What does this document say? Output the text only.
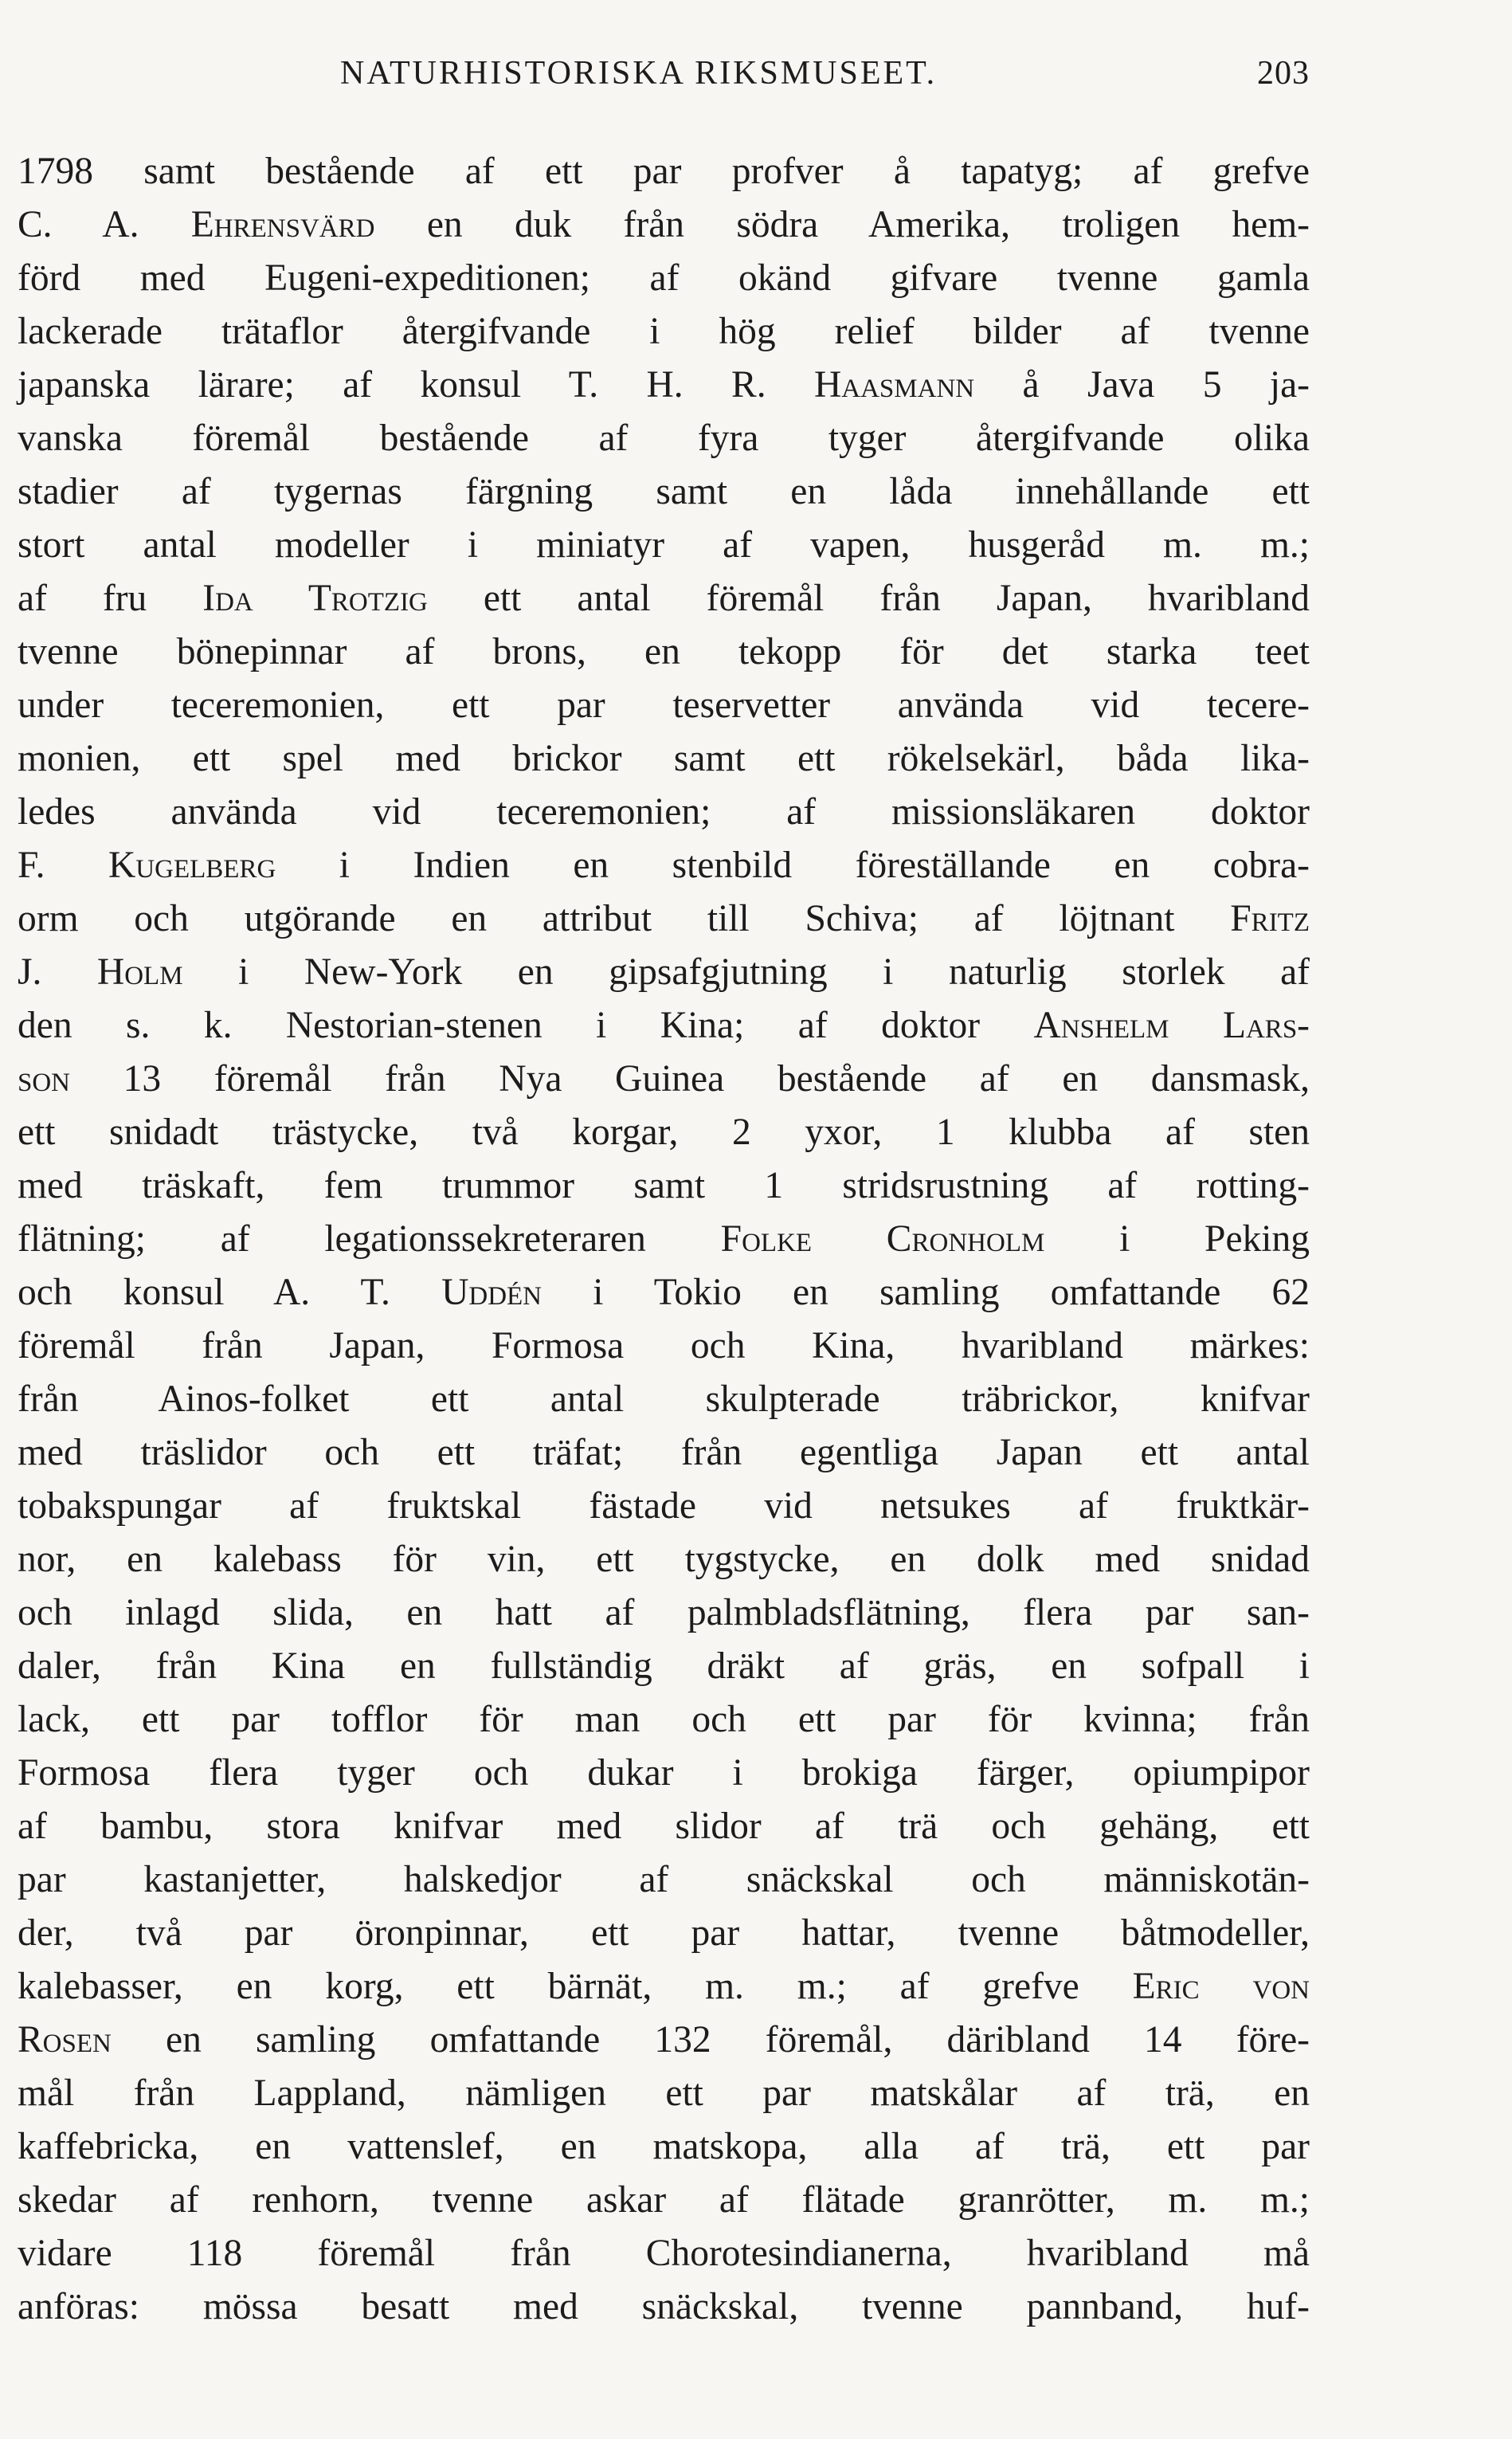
NATURHISTORISKA RIKSMUSEET.	203
1798 samt bestående af ett par profver å tapatyg; af grefve
C. A. Ehrensvärd en duk från södra Amerika, troligen hem-
förd med Eugeni-expeditionen; af okänd gifvare tvenne gamla
lackerade trätaflor återgifvande i hög relief bilder af tvenne
japanska lärare; af konsul T. H. R. Haasmann å Java 5 ja-
vanska föremål bestående af fyra tyger återgifvande olika
stadier af tygernas färgning samt en låda innehållande ett
stort antal modeller i miniatyr af vapen, husgeråd m. m.;
af fru Ida Trotzig ett antal föremål från Japan, hvaribland
tvenne bönepinnar af brons, en tekopp för det starka teet
under teceremonien, ett par teservetter använda vid tecere-
monien, ett spel med brickor samt ett rökelsekärl, båda lika-
ledes använda vid teceremonien; af missionsläkaren doktor
F. Kugelberg i Indien en stenbild föreställande en cobra-
orm och utgörande en attribut till Schiva; af löjtnant Fritz
J. Holm i New-York en gipsafgjutning i naturlig storlek af
den s. k. Nestorian-stenen i Kina; af doktor Anshelm Lars-
son 13 föremål från Nya Guinea bestående af en dansmask,
ett snidadt trästycke, två korgar, 2 yxor, 1 klubba af sten
med träskaft, fem trummor samt 1 stridsrustning af rotting-
flätning; af legationssekreteraren Folke Cronholm i Peking
och konsul A. T. Uddén i Tokio en samling omfattande 62
föremål från Japan, Formosa och Kina, hvaribland märkes:
från Ainos-folket ett antal skulpterade träbrickor, knifvar
med träslidor och ett träfat; från egentliga Japan ett antal
tobakspungar af fruktskal fästade vid netsukes af fruktkär-
nor, en kalebass för vin, ett tygstycke, en dolk med snidad
och inlagd slida, en hatt af palmbladsflätning, flera par san-
daler, från Kina en fullständig dräkt af gräs, en sofpall i
lack, ett par tofflor för man och ett par för kvinna; från
Formosa flera tyger och dukar i brokiga färger, opiumpipor
af bambu, stora knifvar med slidor af trä och gehäng, ett
par kastanjetter, halskedjor af snäckskal och människotän-
der, två par öronpinnar, ett par hattar, tvenne båtmodeller,
kalebasser, en korg, ett bärnät, m. m.; af grefve Eric von
Rosen en samling omfattande 132 föremål, däribland 14 före-
mål från Lappland, nämligen ett par matskålar af trä, en
kaffebricka, en vattenslef, en matskopa, alla af trä, ett par
skedar af renhorn, tvenne askar af flätade granrötter, m. m.;
vidare 118 föremål från Chorotesindianerna, hvaribland må
anföras: mössa besatt med snäckskal, tvenne pannband, huf-
